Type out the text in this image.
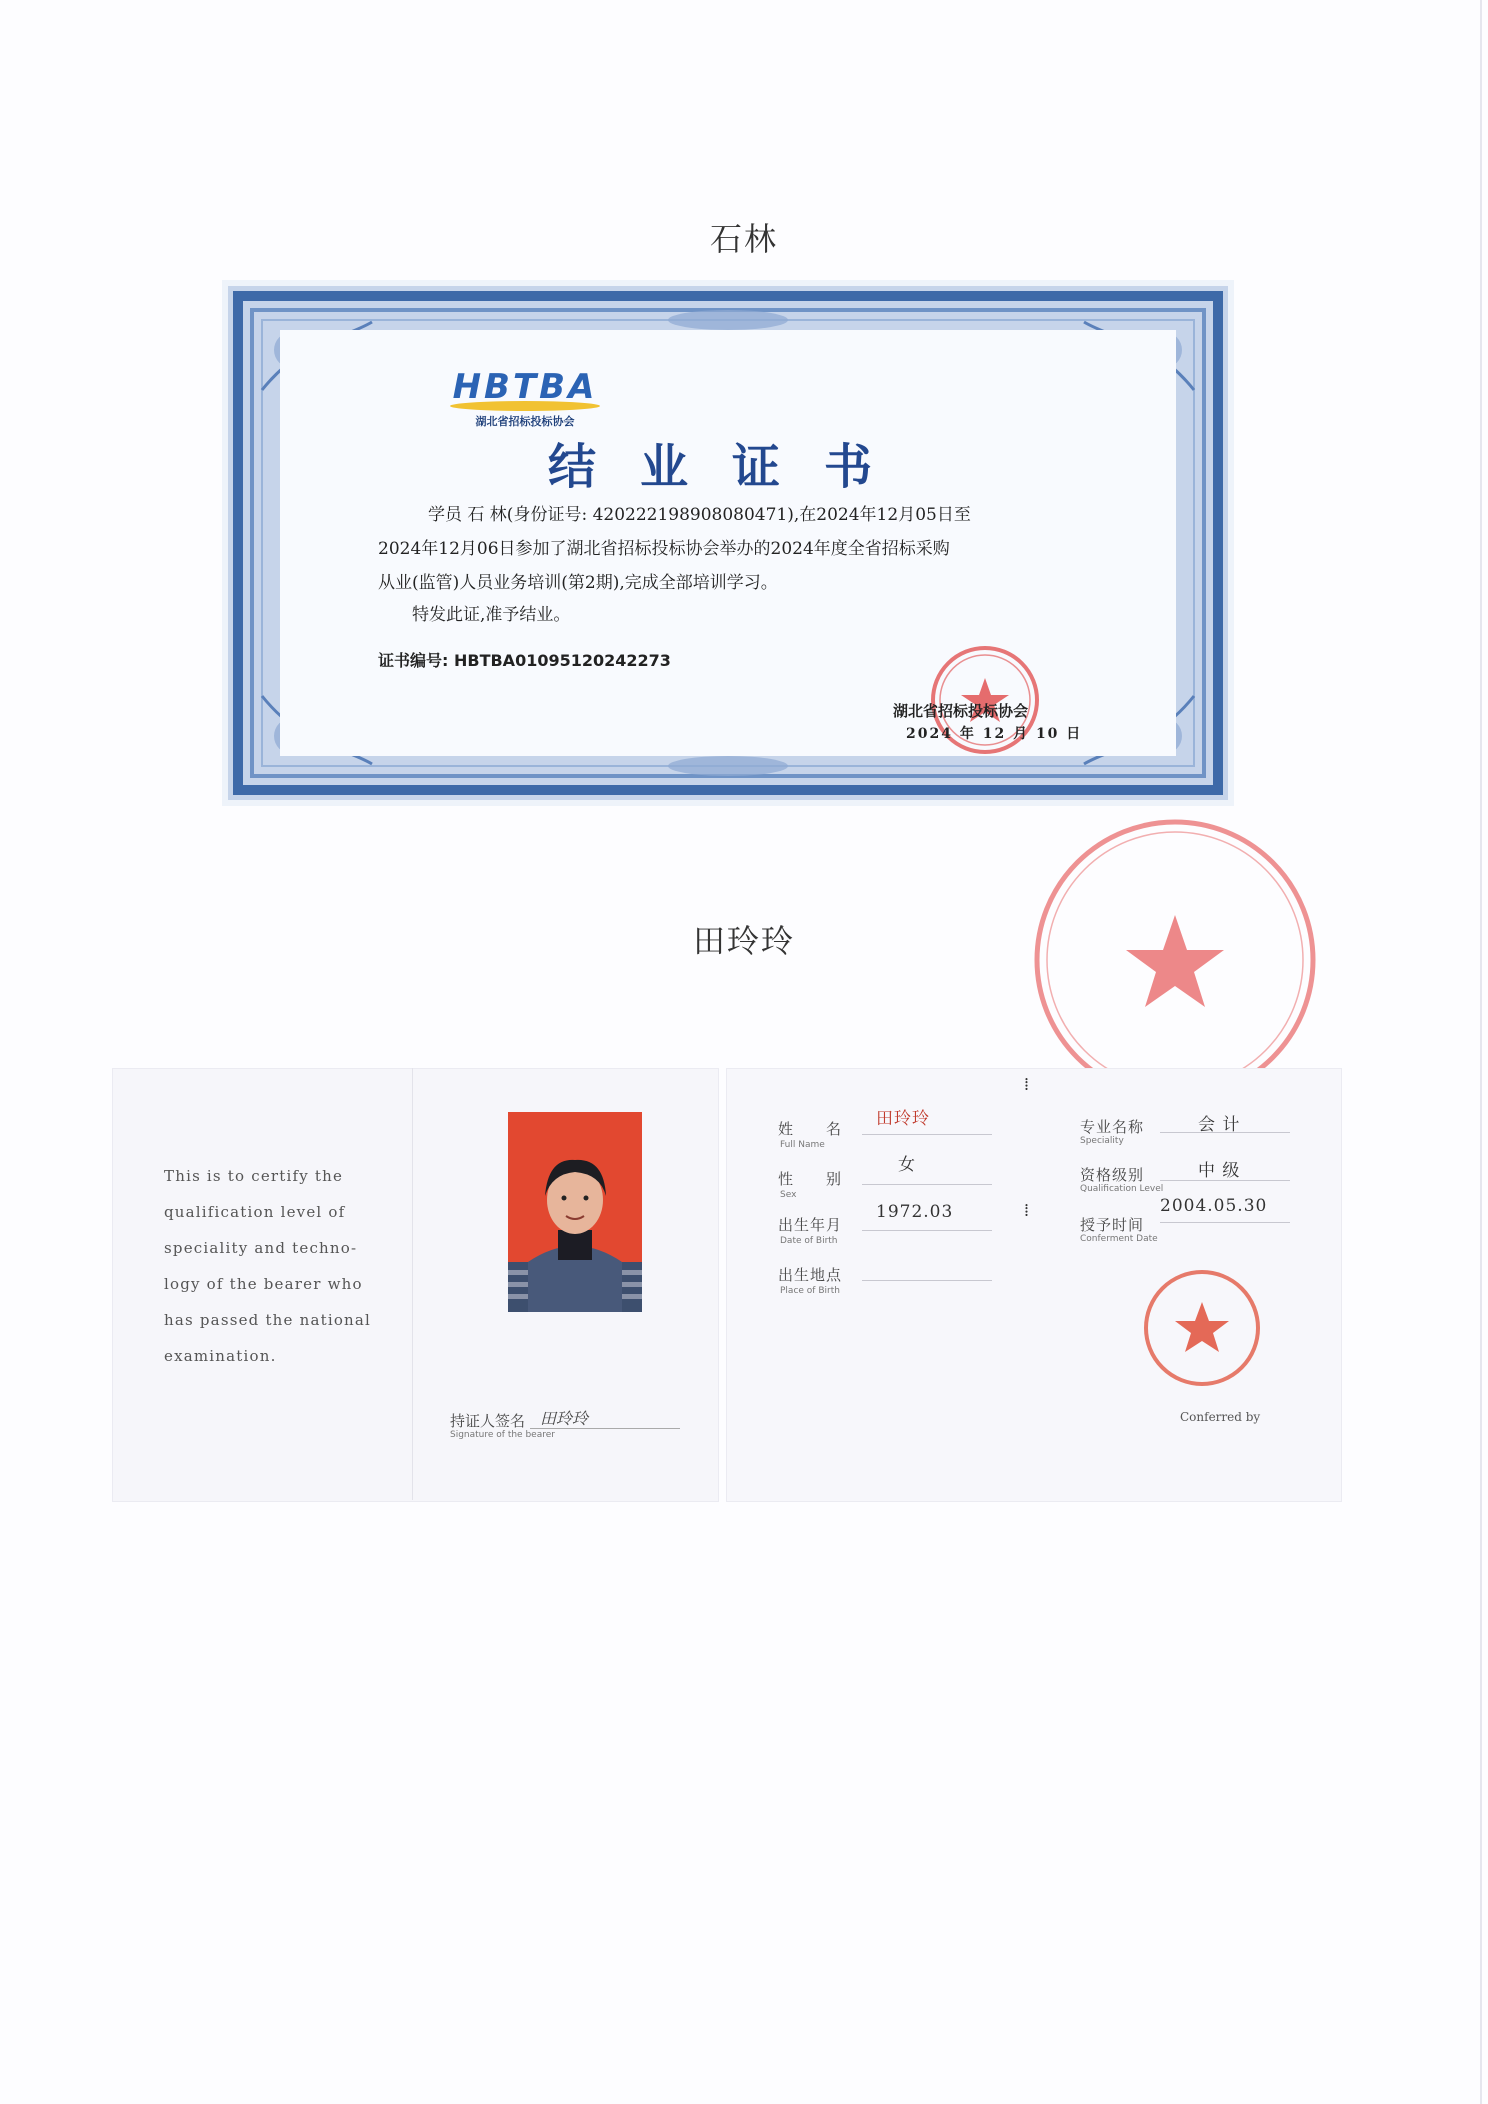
石林
HBTBA
湖北省招标投标协会
结业证书

学员 石 林(身份证号: 420222198908080471),在2024年12月05日至

2024年12月06日参加了湖北省招标投标协会举办的2024年度全省招标采购

从业(监管)人员业务培训(第2期),完成全部培训学习。

特发此证,准予结业。
证书编号: HBTBA01095120242273
湖北省招标投标协会
2024 年 12 月 10 日
田玲玲
This is to certify the
qualification level of
speciality and techno-
logy of the bearer who
has passed the national
examination.
持证人签名
Signature of the bearer
田玲玲
姓　　名
Full Name
田玲玲
性　　别
Sex
女
出生年月
Date of Birth
1972.03
出生地点
Place of Birth
⁞
⁞
专业名称
Speciality
会 计
资格级别
Qualification Level
中 级
授予时间
Conferment Date
2004.05.30
Conferred by
